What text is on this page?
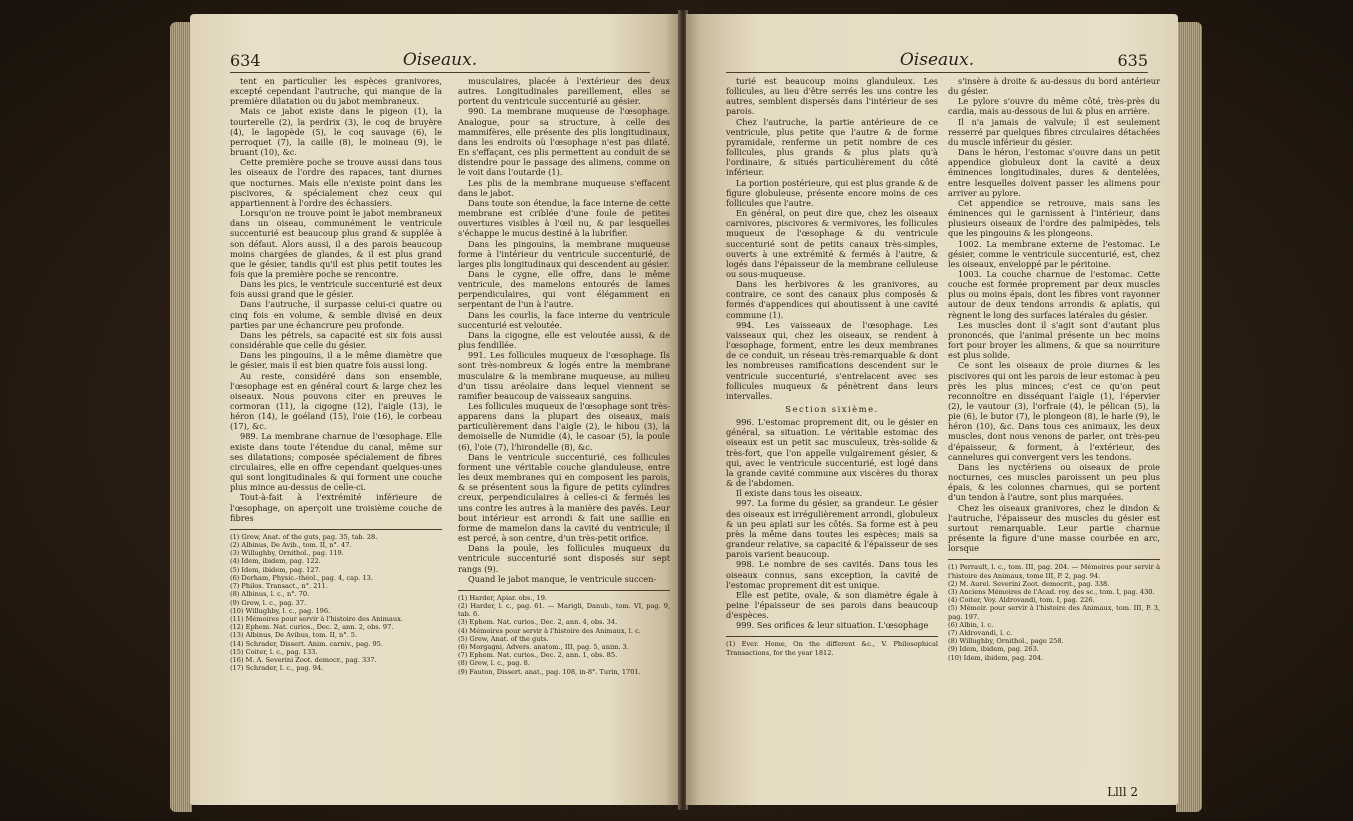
634	Oiseaux.

tent en particulier les espèces granivores, excepté cependant l'autruche, qui manque de la première dilatation ou du jabot membraneux.

Mais ce jabot existe dans le pigeon (1), la tourterelle (2), la perdrix (3), le coq de bruyère (4), le lagopède (5), le coq sauvage (6), le perroquet (7), la caille (8), le moineau (9), le bruant (10), &c.

Cette première poche se trouve aussi dans tous les oiseaux de l'ordre des rapaces, tant diurnes que nocturnes. Mais elle n'existe point dans les piscivores, & spécialement chez ceux qui appartiennent à l'ordre des échassiers.

Lorsqu'on ne trouve point le jabot membraneux dans un oiseau, communément le ventricule succenturié est beaucoup plus grand & supplée à son défaut. Alors aussi, il a des parois beaucoup moins chargées de glandes, & il est plus grand que le gésier, tandis qu'il est plus petit toutes les fois que la première poche se rencontre.

Dans les pics, le ventricule succenturié est deux fois aussi grand que le gésier.

Dans l'autruche, il surpasse celui-ci quatre ou cinq fois en volume, & semble divisé en deux parties par une échancrure peu profonde.

Dans les pétrels, sa capacité est six fois aussi considérable que celle du gésier.

Dans les pingouins, il a le même diamètre que le gésier, mais il est bien quatre fois aussi long.

Au reste, considéré dans son ensemble, l'œsophage est en général court & large chez les oiseaux. Nous pouvons citer en preuves le cormoran (11), la cigogne (12), l'aigle (13), le héron (14), le goéland (15), l'oie (16), le corbeau (17), &c.

989. La membrane charnue de l'œsophage. Elle existe dans toute l'étendue du canal, même sur ses dilatations; composée spécialement de fibres circulaires, elle en offre cependant quelques-unes qui sont longitudinales & qui forment une couche plus mince au-dessus de celle-ci.

Tout-à-fait à l'extrémité inférieure de l'œsophage, on aperçoit une troisième couche de fibres

(1) Grew, Anat. of the guts, pag. 35, tab. 28.
(2) Albinus, De Avib., tom. II, n°. 47.
(3) Willughby, Ornithol., pag. 119.
(4) Idem, ibidem, pag. 122.
(5) Idem, ibidem, pag. 127.
(6) Derham, Physic.-théol., pag. 4, cap. 13.
(7) Philos. Transact., n°. 211.
(8) Albinus, l. c., n°. 70.
(9) Grew, l. c., pag. 37.
(10) Willughby, l. c., pag. 196.
(11) Mémoires pour servir à l'histoire des Animaux.
(12) Ephem. Nat. curios., Dec. 2, ann. 2, obs. 97.
(13) Albinus, De Avibus, tom. II, n°. 5.
(14) Schrader, Dissert. Anim. carniv., pag. 95.
(15) Coiter, l. c., pag. 133.
(16) M. A. Severini Zoot. democr., pag. 337.
(17) Schrader, l. c., pag. 94.

musculaires, placée à l'extérieur des deux autres. Longitudinales pareillement, elles se portent du ventricule succenturié au gésier.

990. La membrane muqueuse de l'œsophage. Analogue, pour sa structure, à celle des mammifères, elle présente des plis longitudinaux, dans les endroits où l'œsophage n'est pas dilaté. En s'effaçant, ces plis permettent au conduit de se distendre pour le passage des alimens, comme on le voit dans l'outarde (1).

Les plis de la membrane muqueuse s'effacent dans le jabot.

Dans toute son étendue, la face interne de cette membrane est criblée d'une foule de petites ouvertures visibles à l'œil nu, & par lesquelles s'échappe le mucus destiné à la lubrifier.

Dans les pingouins, la membrane muqueuse forme à l'intérieur du ventricule succenturié, de larges plis longitudinaux qui descendent au gésier.

Dans le cygne, elle offre, dans le même ventricule, des mamelons entourés de lames perpendiculaires, qui vont élégamment en serpentant de l'un à l'autre.

Dans les courlis, la face interne du ventricule succenturié est veloutée.

Dans la cigogne, elle est veloutée aussi, & de plus fendillée.

991. Les follicules muqueux de l'œsophage. Ils sont très-nombreux & logés entre la membrane musculaire & la membrane muqueuse, au milieu d'un tissu aréolaire dans lequel viennent se ramifier beaucoup de vaisseaux sanguins.

Les follicules muqueux de l'œsophage sont très-apparens dans la plupart des oiseaux, mais particulièrement dans l'aigle (2), le hibou (3), la demoiselle de Numidie (4), le casoar (5), la poule (6), l'oie (7), l'hirondelle (8), &c.

Dans le ventricule succenturié, ces follicules forment une véritable couche glanduleuse, entre les deux membranes qui en composent les parois, & se présentent sous la figure de petits cylindres creux, perpendiculaires à celles-ci & fermés les uns contre les autres à la manière des pavés. Leur bout intérieur est arrondi & fait une saillie en forme de mamelon dans la cavité du ventricule; il est percé, à son centre, d'un très-petit orifice.

Dans la poule, les follicules muqueux du ventricule succenturié sont disposés sur sept rangs (9).

Quand le jabot manque, le ventricule succen-

(1) Harder, Apiar. obs., 19.
(2) Harder, l. c., pag. 61. — Marigli, Danub., tom. VI, pag. 9, tab. 6.
(3) Ephem. Nat. curios., Dec. 2, ann. 4, obs. 34.
(4) Mémoires pour servir à l'histoire des Animaux, l. c.
(5) Grew, Anat. of the guts.
(6) Morgagni, Advers. anatom., III, pag. 5, anim. 3.
(7) Ephem. Nat. curios., Dec. 2, ann. 1, obs. 85.
(8) Grew, l. c., pag. 8.
(9) Fauton, Dissert. anat., pag. 108, in-8°. Turin, 1701.
Oiseaux.	635

turié est beaucoup moins glanduleux. Les follicules, au lieu d'être serrés les uns contre les autres, semblent dispersés dans l'intérieur de ses parois.

Chez l'autruche, la partie antérieure de ce ventricule, plus petite que l'autre & de forme pyramidale, renferme un petit nombre de ces follicules, plus grands & plus plats qu'à l'ordinaire, & situés particulièrement du côté inférieur.

La portion postérieure, qui est plus grande & de figure globuleuse, présente encore moins de ces follicules que l'autre.

En général, on peut dire que, chez les oiseaux carnivores, piscivores & vermivores, les follicules muqueux de l'œsophage & du ventricule succenturié sont de petits canaux très-simples, ouverts à une extrémité & fermés à l'autre, & logés dans l'épaisseur de la membrane celluleuse ou sous-muqueuse.

Dans les herbivores & les granivores, au contraire, ce sont des canaux plus composés & formés d'appendices qui aboutissent à une cavité commune (1).

994. Les vaisseaux de l'œsophage. Les vaisseaux qui, chez les oiseaux, se rendent à l'œsophage, forment, entre les deux membranes de ce conduit, un réseau très-remarquable & dont les nombreuses ramifications descendent sur le ventricule succenturié, s'entrelacent avec ses follicules muqueux & pénètrent dans leurs intervalles.

Section sixième.

996. L'estomac proprement dit, ou le gésier en général, sa situation. Le véritable estomac des oiseaux est un petit sac musculeux, très-solide & très-fort, que l'on appelle vulgairement gésier, & qui, avec le ventricule succenturié, est logé dans la grande cavité commune aux viscères du thorax & de l'abdomen.

Il existe dans tous les oiseaux.

997. La forme du gésier, sa grandeur. Le gésier des oiseaux est irrégulièrement arrondi, globuleux & un peu aplati sur les côtés. Sa forme est à peu près la même dans toutes les espèces; mais sa grandeur relative, sa capacité & l'épaisseur de ses parois varient beaucoup.

998. Le nombre de ses cavités. Dans tous les oiseaux connus, sans exception, la cavité de l'estomac proprement dit est unique.

Elle est petite, ovale, & son diamètre égale à peine l'épaisseur de ses parois dans beaucoup d'espèces.

999. Ses orifices & leur situation. L'œsophage

(1) Ever. Home, On the different &c., V. Philosophical Transactions, for the year 1812.

s'insère à droite & au-dessus du bord antérieur du gésier.

Le pylore s'ouvre du même côté, très-près du cardia, mais au-dessous de lui & plus en arrière.

Il n'a jamais de valvule; il est seulement resserré par quelques fibres circulaires détachées du muscle inférieur du gésier.

Dans le héron, l'estomac s'ouvre dans un petit appendice globuleux dont la cavité a deux éminences longitudinales, dures & dentelées, entre lesquelles doivent passer les alimens pour arriver au pylore.

Cet appendice se retrouve, mais sans les éminences qui le garnissent à l'intérieur, dans plusieurs oiseaux de l'ordre des palmipèdes, tels que les pingouins & les plongeons.

1002. La membrane externe de l'estomac. Le gésier, comme le ventricule succenturié, est, chez les oiseaux, enveloppé par le péritoine.

1003. La couche charnue de l'estomac. Cette couche est formée proprement par deux muscles plus ou moins épais, dont les fibres vont rayonner autour de deux tendons arrondis & aplatis, qui règnent le long des surfaces latérales du gésier.

Les muscles dont il s'agit sont d'autant plus prononcés, que l'animal présente un bec moins fort pour broyer les alimens, & que sa nourriture est plus solide.

Ce sont les oiseaux de proie diurnes & les piscivores qui ont les parois de leur estomac à peu près les plus minces; c'est ce qu'on peut reconnoître en disséquant l'aigle (1), l'épervier (2), le vautour (3), l'orfraie (4), le pélican (5), la pie (6), le butor (7), le plongeon (8), le harle (9), le héron (10), &c. Dans tous ces animaux, les deux muscles, dont nous venons de parler, ont très-peu d'épaisseur, & forment, à l'extérieur, des cannelures qui convergent vers les tendons.

Dans les nyctériens ou oiseaux de proie nocturnes, ces muscles paroissent un peu plus épais, & les colonnes charnues, qui se portent d'un tendon à l'autre, sont plus marquées.

Chez les oiseaux granivores, chez le dindon & l'autruche, l'épaisseur des muscles du gésier est surtout remarquable. Leur partie charnue présente la figure d'une masse courbée en arc, lorsque

(1) Perrault, l. c., tom. III, pag. 204. — Mémoires pour servir à l'histoire des Animaux, tome III, P. 2, pag. 94.
(2) M. Aurel. Severini Zoot. democrit., pag. 338.
(3) Anciens Mémoires de l'Acad. roy. des sc., tom. I, pag. 430.
(4) Coiter, Voy. Aldrovandi, tom. I, pag. 226.
(5) Mémoir. pour servir à l'histoire des Animaux, tom. III, P. 3, pag. 197.
(6) Albin, l. c.
(7) Aldrovandi, l. c.
(8) Willughby, Ornithol., page 258.
(9) Idem, ibidem, pag. 263.
(10) Idem, ibidem, pag. 204.
Llll 2
